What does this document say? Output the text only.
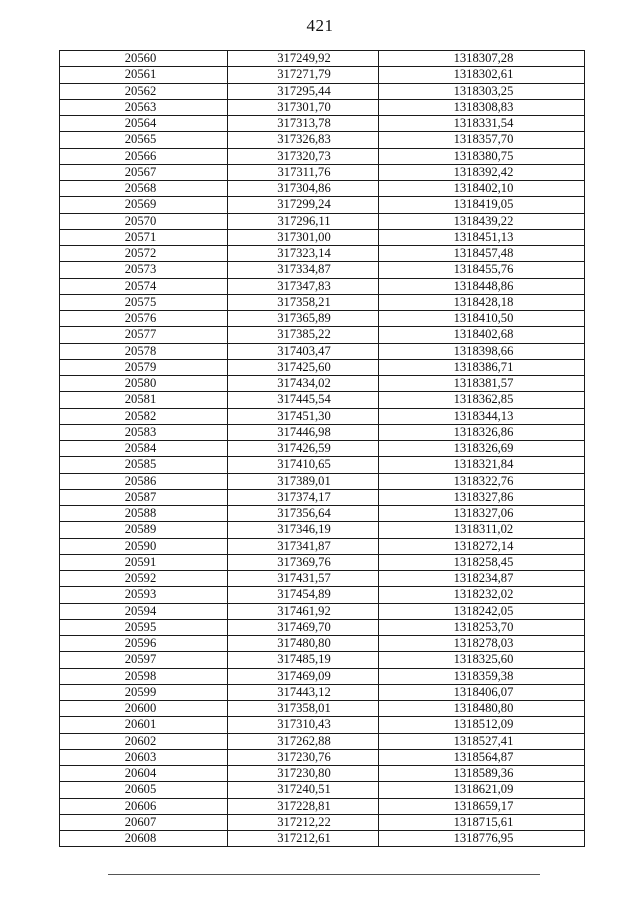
421
20560	317249,92	1318307,28
20561	317271,79	1318302,61
20562	317295,44	1318303,25
20563	317301,70	1318308,83
20564	317313,78	1318331,54
20565	317326,83	1318357,70
20566	317320,73	1318380,75
20567	317311,76	1318392,42
20568	317304,86	1318402,10
20569	317299,24	1318419,05
20570	317296,11	1318439,22
20571	317301,00	1318451,13
20572	317323,14	1318457,48
20573	317334,87	1318455,76
20574	317347,83	1318448,86
20575	317358,21	1318428,18
20576	317365,89	1318410,50
20577	317385,22	1318402,68
20578	317403,47	1318398,66
20579	317425,60	1318386,71
20580	317434,02	1318381,57
20581	317445,54	1318362,85
20582	317451,30	1318344,13
20583	317446,98	1318326,86
20584	317426,59	1318326,69
20585	317410,65	1318321,84
20586	317389,01	1318322,76
20587	317374,17	1318327,86
20588	317356,64	1318327,06
20589	317346,19	1318311,02
20590	317341,87	1318272,14
20591	317369,76	1318258,45
20592	317431,57	1318234,87
20593	317454,89	1318232,02
20594	317461,92	1318242,05
20595	317469,70	1318253,70
20596	317480,80	1318278,03
20597	317485,19	1318325,60
20598	317469,09	1318359,38
20599	317443,12	1318406,07
20600	317358,01	1318480,80
20601	317310,43	1318512,09
20602	317262,88	1318527,41
20603	317230,76	1318564,87
20604	317230,80	1318589,36
20605	317240,51	1318621,09
20606	317228,81	1318659,17
20607	317212,22	1318715,61
20608	317212,61	1318776,95
